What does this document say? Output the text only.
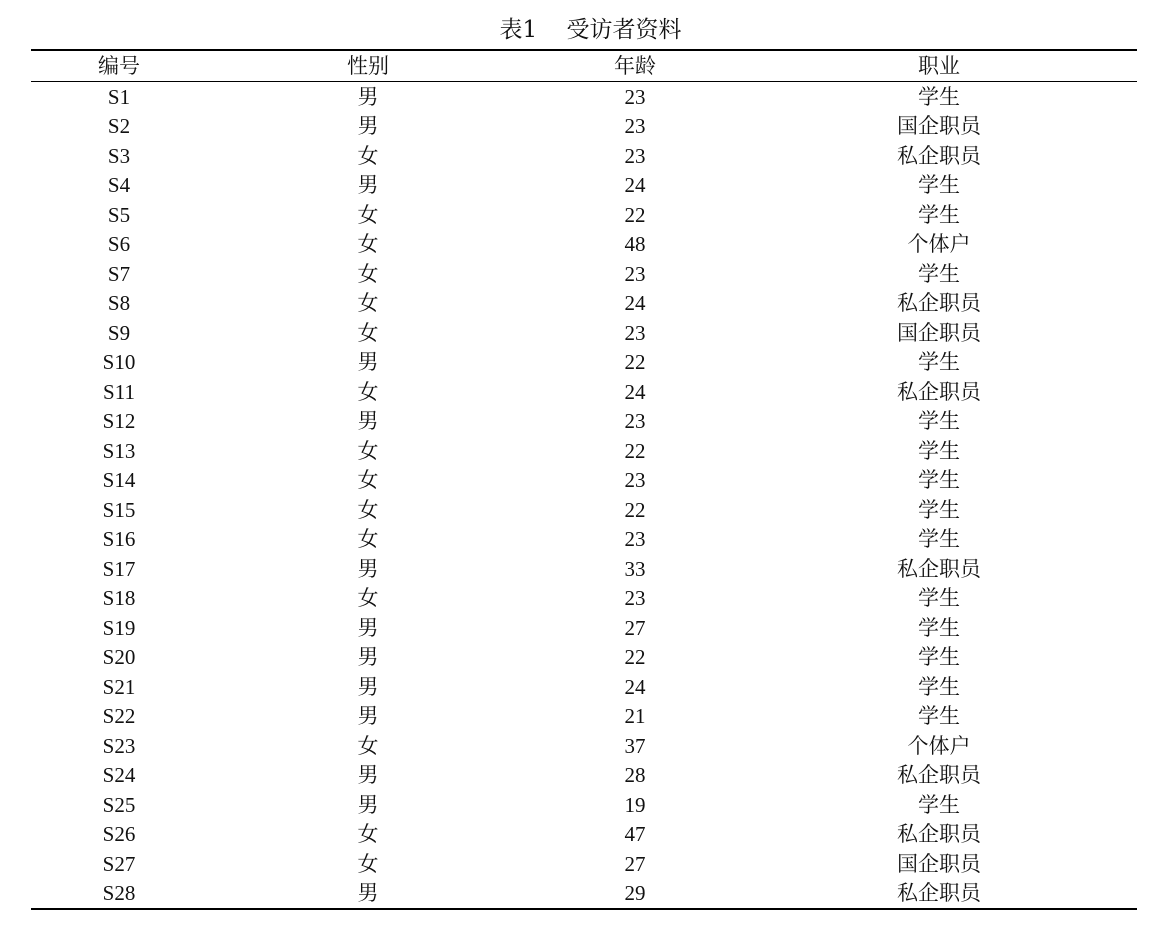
表1 受访者资料
编号	性别	年龄	职业
S1	男	23	学生
S2	男	23	国企职员
S3	女	23	私企职员
S4	男	24	学生
S5	女	22	学生
S6	女	48	个体户
S7	女	23	学生
S8	女	24	私企职员
S9	女	23	国企职员
S10	男	22	学生
S11	女	24	私企职员
S12	男	23	学生
S13	女	22	学生
S14	女	23	学生
S15	女	22	学生
S16	女	23	学生
S17	男	33	私企职员
S18	女	23	学生
S19	男	27	学生
S20	男	22	学生
S21	男	24	学生
S22	男	21	学生
S23	女	37	个体户
S24	男	28	私企职员
S25	男	19	学生
S26	女	47	私企职员
S27	女	27	国企职员
S28	男	29	私企职员
